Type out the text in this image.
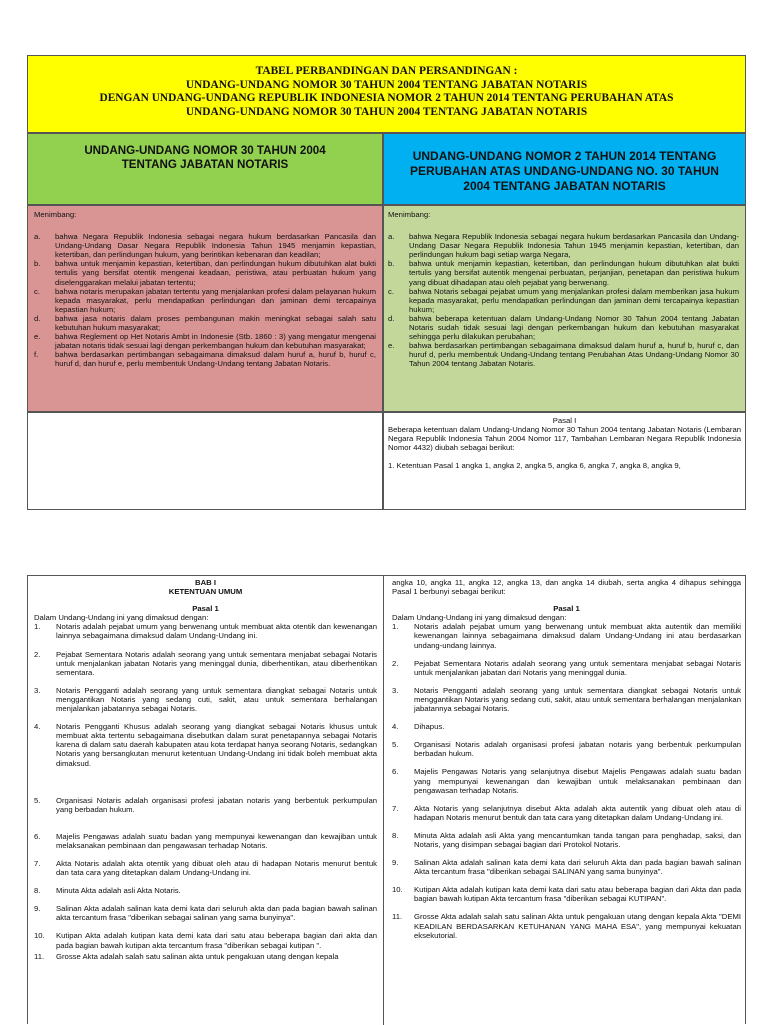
TABEL PERBANDINGAN DAN PERSANDINGAN :
UNDANG-UNDANG NOMOR 30 TAHUN 2004 TENTANG JABATAN NOTARIS
DENGAN UNDANG-UNDANG REPUBLIK INDONESIA NOMOR 2 TAHUN 2014 TENTANG PERUBAHAN ATAS
UNDANG-UNDANG NOMOR 30 TAHUN 2004 TENTANG JABATAN NOTARIS
UNDANG-UNDANG NOMOR 30 TAHUN 2004
TENTANG JABATAN NOTARIS
UNDANG-UNDANG NOMOR 2 TAHUN 2014 TENTANG
PERUBAHAN ATAS UNDANG-UNDANG NO. 30 TAHUN
2004 TENTANG JABATAN NOTARIS
Menimbang:
a.	bahwa Negara Republik Indonesia sebagai negara hukum berdasarkan Pancasila dan Undang-Undang Dasar Negara Republik Indonesia Tahun 1945 menjamin kepastian, ketertiban, dan perlindungan hukum, yang berintikan kebenaran dan keadilan;
b.	bahwa untuk menjamin kepastian, ketertiban, dan perlindungan hukum dibutuhkan alat bukti tertulis yang bersifat otentik mengenai keadaan, peristiwa, atau perbuatan hukum yang diselenggarakan melalui jabatan tertentu;
c.	bahwa notaris merupakan jabatan tertentu yang menjalankan profesi dalam pelayanan hukum kepada masyarakat, perlu mendapatkan perlindungan dan jaminan demi tercapainya kepastian hukum;
d.	bahwa jasa notaris dalam proses pembangunan makin meningkat sebagai salah satu kebutuhan hukum masyarakat;
e.	bahwa Reglement op Het Notaris Ambt in Indonesie (Stb. 1860 : 3) yang mengatur mengenai jabatan notaris tidak sesuai lagi dengan perkembangan hukum dan kebutuhan masyarakat;
f.	bahwa berdasarkan pertimbangan sebagaimana dimaksud dalam huruf a, huruf b, huruf c, huruf d, dan huruf e, perlu membentuk Undang-Undang tentang Jabatan Notaris.
Menimbang:
a.	bahwa Negara Republik Indonesia sebagai negara hukum berdasarkan Pancasila dan Undang-Undang Dasar Negara Republik Indonesia Tahun 1945 menjamin kepastian, ketertiban, dan perlindungan hukum bagi setiap warga Negara,
b.	bahwa untuk menjamin kepastian, ketertiban, dan perlindungan hukum dibutuhkan alat bukti tertulis yang bersifat autentik mengenai perbuatan, perjanjian, penetapan dan peristiwa hukum yang dibuat dihadapan atau oleh pejabat yang berwenang.
c.	bahwa Notaris sebagai pejabat umum yang menjalankan profesi dalam memberikan jasa hukum kepada masyarakat, perlu mendapatkan perlindungan dan jaminan demi tercapainya kepastian hukum;
d.	bahwa beberapa ketentuan dalam Undang-Undang Nomor 30 Tahun 2004 tentang Jabatan Notaris sudah tidak sesuai lagi dengan perkembangan hukum dan kebutuhan masyarakat sehingga perlu dilakukan perubahan;
e.	bahwa berdasarkan pertimbangan sebagaimana dimaksud dalam huruf a, huruf b, huruf c, dan huruf d, perlu membentuk Undang-Undang tentang Perubahan Atas Undang-Undang Nomor 30 Tahun 2004 tentang Jabatan Notaris.
Pasal I

Beberapa ketentuan dalam Undang-Undang Nomor 30 Tahun 2004 tentang Jabatan Notaris (Lembaran Negara Republik Indonesia Tahun 2004 Nomor 117, Tambahan Lembaran Negara Republik Indonesia Nomor 4432) diubah sebagai berikut:

1. Ketentuan Pasal 1 angka 1, angka 2, angka 5, angka 6, angka 7, angka 8, angka 9,

BAB I
KETENTUAN UMUM
Pasal 1

Dalam Undang-Undang ini yang dimaksud dengan:

1.	Notaris adalah pejabat umum yang berwenang untuk membuat akta otentik dan kewenangan lainnya sebagaimana dimaksud dalam Undang-Undang ini.
2.	Pejabat Sementara Notaris adalah seorang yang untuk sementara menjabat sebagai Notaris untuk menjalankan jabatan Notaris yang meninggal dunia, diberhentikan, atau diberhentikan sementara.
3.	Notaris Pengganti adalah seorang yang untuk sementara diangkat sebagai Notaris untuk menggantikan Notaris yang sedang cuti, sakit, atau untuk sementara berhalangan menjalankan jabatannya sebagai Notaris.
4.	Notaris Pengganti Khusus adalah seorang yang diangkat sebagai Notaris khusus untuk membuat akta tertentu sebagaimana disebutkan dalam surat penetapannya sebagai Notaris karena di dalam satu daerah kabupaten atau kota terdapat hanya seorang Notaris, sedangkan Notaris yang bersangkutan menurut ketentuan Undang-Undang ini tidak boleh membuat akta dimaksud.
5.	Organisasi Notaris adalah organisasi profesi jabatan notaris yang berbentuk perkumpulan yang berbadan hukum.
6.	Majelis Pengawas adalah suatu badan yang mempunyai kewenangan dan kewajiban untuk melaksanakan pembinaan dan pengawasan terhadap Notaris.
7.	Akta Notaris adalah akta otentik yang dibuat oleh atau di hadapan Notaris menurut bentuk dan tata cara yang ditetapkan dalam Undang-Undang ini.
8.	Minuta Akta adalah asli Akta Notaris.
9.	Salinan Akta adalah salinan kata demi kata dari seluruh akta dan pada bagian bawah salinan akta tercantum frasa "diberikan sebagai salinan yang sama bunyinya".
10.	Kutipan Akta adalah kutipan kata demi kata dari satu atau beberapa bagian dari akta dan pada bagian bawah kutipan akta tercantum frasa "diberikan sebagai kutipan ".
11.	Grosse Akta adalah salah satu salinan akta untuk pengakuan utang dengan kepala

angka 10, angka 11, angka 12, angka 13, dan angka 14 diubah, serta angka 4 dihapus sehingga Pasal 1 berbunyi sebagai berikut:

Pasal 1

Dalam Undang-Undang ini yang dimaksud dengan:

1.	Notaris adalah pejabat umum yang berwenang untuk membuat akta autentik dan memiliki kewenangan lainnya sebagaimana dimaksud dalam Undang-Undang ini atau berdasarkan undang-undang lainnya.
2.	Pejabat Sementara Notaris adalah seorang yang untuk sementara menjabat sebagai Notaris untuk menjalankan jabatan dari Notaris yang meninggal dunia.
3.	Notaris Pengganti adalah seorang yang untuk sementara diangkat sebagai Notaris untuk menggantikan Notaris yang sedang cuti, sakit, atau untuk sementara berhalangan menjalankan jabatannya sebagai Notaris.
4.	Dihapus.
5.	Organisasi Notaris adalah organisasi profesi jabatan notaris yang berbentuk perkumpulan berbadan hukum.
6.	Majelis Pengawas Notaris yang selanjutnya disebut Majelis Pengawas adalah suatu badan yang mempunyai kewenangan dan kewajiban untuk melaksanakan pembinaan dan pengawasan terhadap Notaris.
7.	Akta Notaris yang selanjutnya disebut Akta adalah akta autentik yang dibuat oleh atau di hadapan Notaris menurut bentuk dan tata cara yang ditetapkan dalam Undang-Undang ini.
8.	Minuta Akta adalah asli Akta yang mencantumkan tanda tangan para penghadap, saksi, dan Notaris, yang disimpan sebagai bagian dari Protokol Notaris.
9.	Salinan Akta adalah salinan kata demi kata dari seluruh Akta dan pada bagian bawah salinan Akta tercantum frasa "diberikan sebagai SALINAN yang sama bunyinya".
10.	Kutipan Akta adalah kutipan kata demi kata dari satu atau beberapa bagian dari Akta dan pada bagian bawah kutipan Akta tercantum frasa "diberikan sebagai KUTIPAN".
11.	Grosse Akta adalah salah satu salinan Akta untuk pengakuan utang dengan kepala Akta "DEMI KEADILAN BERDASARKAN KETUHANAN YANG MAHA ESA", yang mempunyai kekuatan eksekutorial.
